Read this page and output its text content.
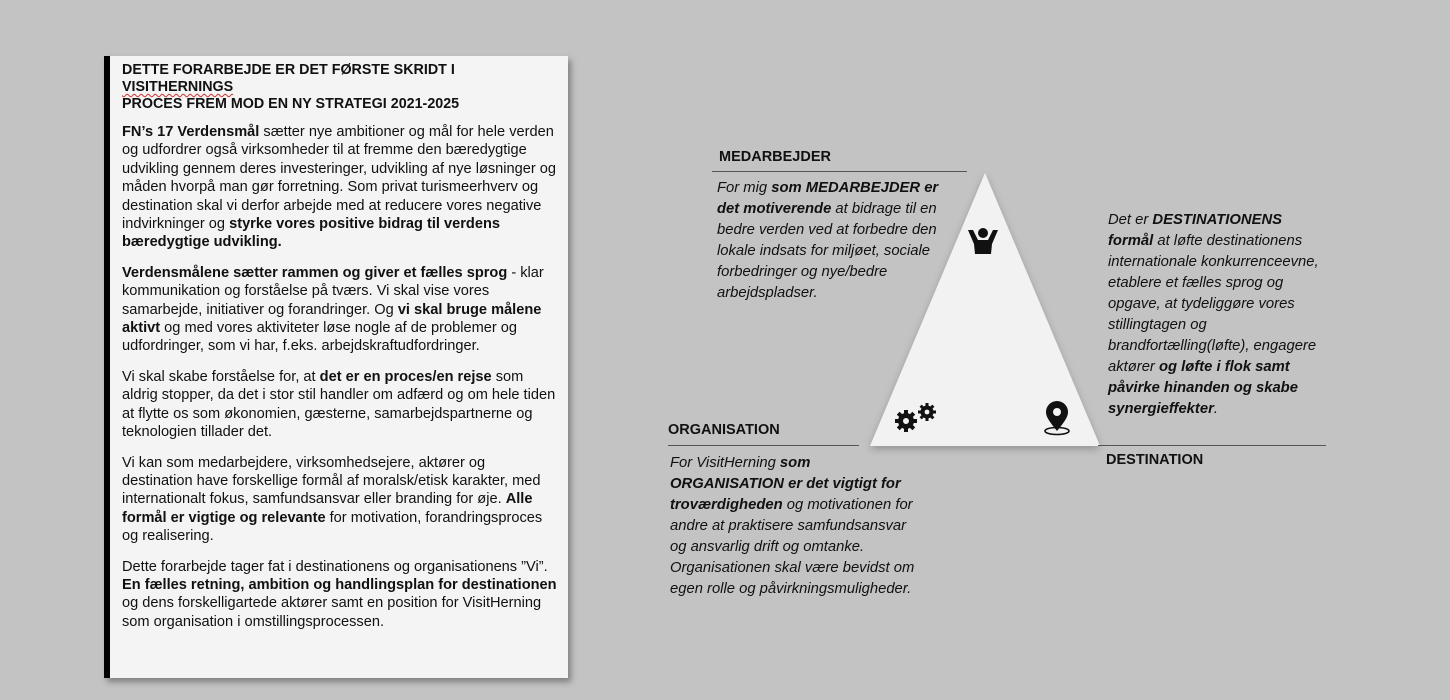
DETTE FORARBEJDE ER DET FØRSTE SKRIDT I VISITHERNINGS
PROCES FREM MOD EN NY STRATEGI 2021-2025

FN’s 17 Verdensmål sætter nye ambitioner og mål for hele verden og udfordrer også virksomheder til at fremme den bæredygtige udvikling gennem deres investeringer, udvikling af nye løsninger og måden hvorpå man gør forretning. Som privat turismeerhverv og destination skal vi derfor arbejde med at reducere vores negative indvirkninger og styrke vores positive bidrag til verdens bæredygtige udvikling.

Verdensmålene sætter rammen og giver et fælles sprog - klar kommunikation og forståelse på tværs. Vi skal vise vores samarbejde, initiativer og forandringer. Og vi skal bruge målene aktivt og med vores aktiviteter løse nogle af de problemer og udfordringer, som vi har, f.eks. arbejdskraftudfordringer.

Vi skal skabe forståelse for, at det er en proces/en rejse som aldrig stopper, da det i stor stil handler om adfærd og om hele tiden at flytte os som økonomien, gæsterne, samarbejdspartnerne og teknologien tillader det.

Vi kan som medarbejdere, virksomhedsejere, aktører og destination have forskellige formål af moralsk/etisk karakter, med internationalt fokus, samfundsansvar eller branding for øje. Alle formål er vigtige og relevante for motivation, forandringsproces og realisering.

Dette forarbejde tager fat i destinationens og organisationens ”Vi”. En fælles retning, ambition og handlingsplan for destinationen og dens forskelligartede aktører samt en position for VisitHerning som organisation i omstillingsprocessen.

MEDARBEJDER
For mig som MEDARBEJDER er det motiverende at bidrage til en bedre verden ved at forbedre den lokale indsats for miljøet, sociale forbedringer og nye/bedre arbejdspladser.
ORGANISATION
For VisitHerning som ORGANISATION er det vigtigt for troværdigheden og motivationen for andre at praktisere samfundsansvar og ansvarlig drift og omtanke. Organisationen skal være bevidst om egen rolle og påvirkningsmuligheder.
Det er DESTINATIONENS formål at løfte destinationens internationale konkurrenceevne, etablere et fælles sprog og opgave, at tydeliggøre vores stillingtagen og brandfortælling(løfte), engagere aktører og løfte i flok samt påvirke hinanden og skabe synergieffekter.
DESTINATION
